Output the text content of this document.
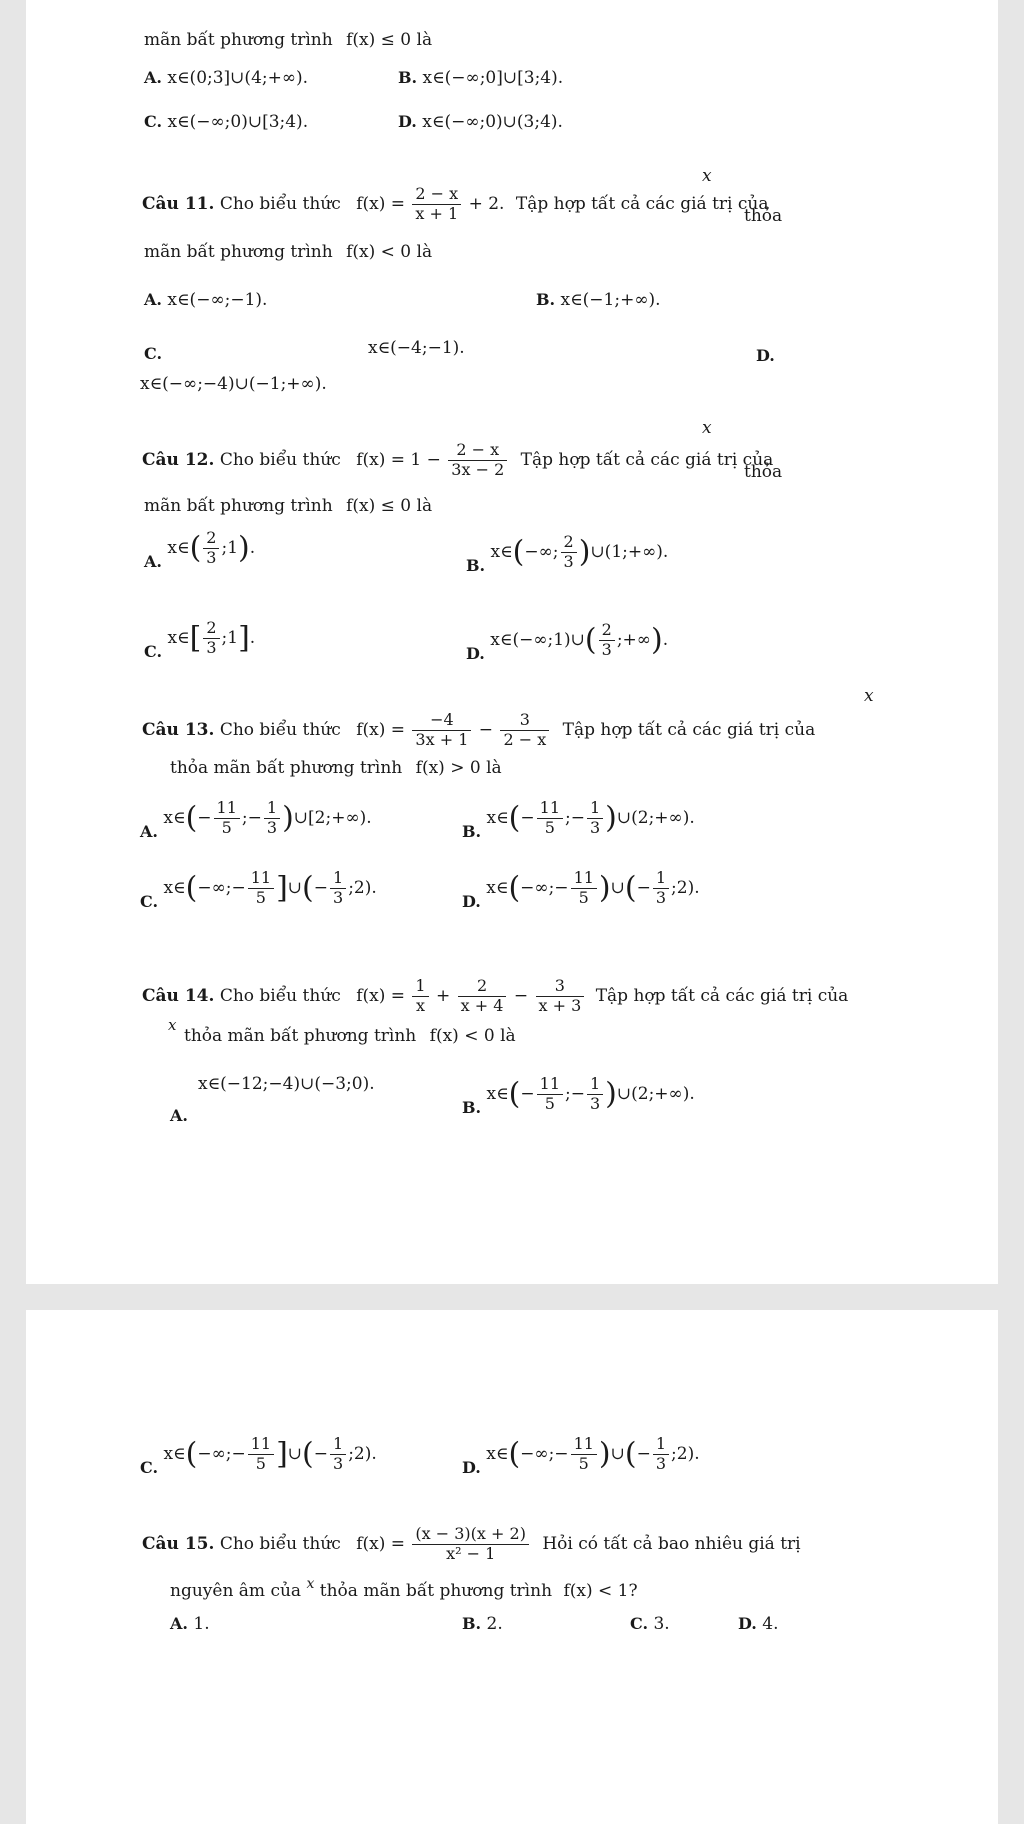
mãn bất phương trình f(x) ≤ 0 là
A. x∈(0;3]∪(4;+∞).	B. x∈(−∞;0]∪[3;4).
C. x∈(−∞;0)∪[3;4).	D. x∈(−∞;0)∪(3;4).
x
Câu 11. Cho biểu thức $f(x) = \frac{2 - x}{x + 1} + 2$. Tập hợp tất cả các giá trị của
thỏa
mãn bất phương trình f(x) < 0 là
A. x∈(−∞;−1).	B. x∈(−1;+∞).
C.	x∈(−4;−1).	D.
x∈(−∞;−4)∪(−1;+∞).
x
Câu 12. Cho biểu thức $f(x) = 1 - \frac{2 - x}{3x - 2}$ Tập hợp tất cả các giá trị của
thỏa
mãn bất phương trình f(x) ≤ 0 là
A. x∈( $\frac{2}{3}$ ;1).
B. x∈(−∞; $\frac{2}{3}$ )∪(1;+∞).
C. x∈[ $\frac{2}{3}$ ;1].
D. x∈(−∞;1)∪( $\frac{2}{3}$ ;+∞).
x
Câu 13. Cho biểu thức $f(x) = \frac{-4}{3x + 1} - \frac{3}{2 - x}$ Tập hợp tất cả các giá trị của
thỏa mãn bất phương trình f(x) > 0 là
A. x∈(− $\frac{11}{5}$ ;− $\frac{1}{3}$ )∪[2;+∞).
B. x∈(− $\frac{11}{5}$ ;− $\frac{1}{3}$ )∪(2;+∞).
C. x∈(−∞;− $\frac{11}{5}$ ]∪(− $\frac{1}{3}$ ;2).
D. x∈(−∞;− $\frac{11}{5}$ )∪(− $\frac{1}{3}$ ;2).
Câu 14. Cho biểu thức $f(x) = \frac{1}{x} + \frac{2}{x + 4} - \frac{3}{x + 3}$ Tập hợp tất cả các giá trị của
x
thỏa mãn bất phương trình f(x) < 0 là
x∈(−12;−4)∪(−3;0).
A.	B. x∈(− $\frac{11}{5}$ ;− $\frac{1}{3}$ )∪(2;+∞).
C. x∈(−∞;− $\frac{11}{5}$ ]∪(− $\frac{1}{3}$ ;2).
D. x∈(−∞;− $\frac{11}{5}$ )∪(− $\frac{1}{3}$ ;2).
Câu 15. Cho biểu thức $f(x) = \frac{(x - 3)(x + 2)}{\text{x² − 1}}$ Hỏi có tất cả bao nhiêu giá trị
nguyên âm của $^x$ thỏa mãn bất phương trình f(x) < 1?
A. 1.	B. 2.	C. 3.	D. 4.
